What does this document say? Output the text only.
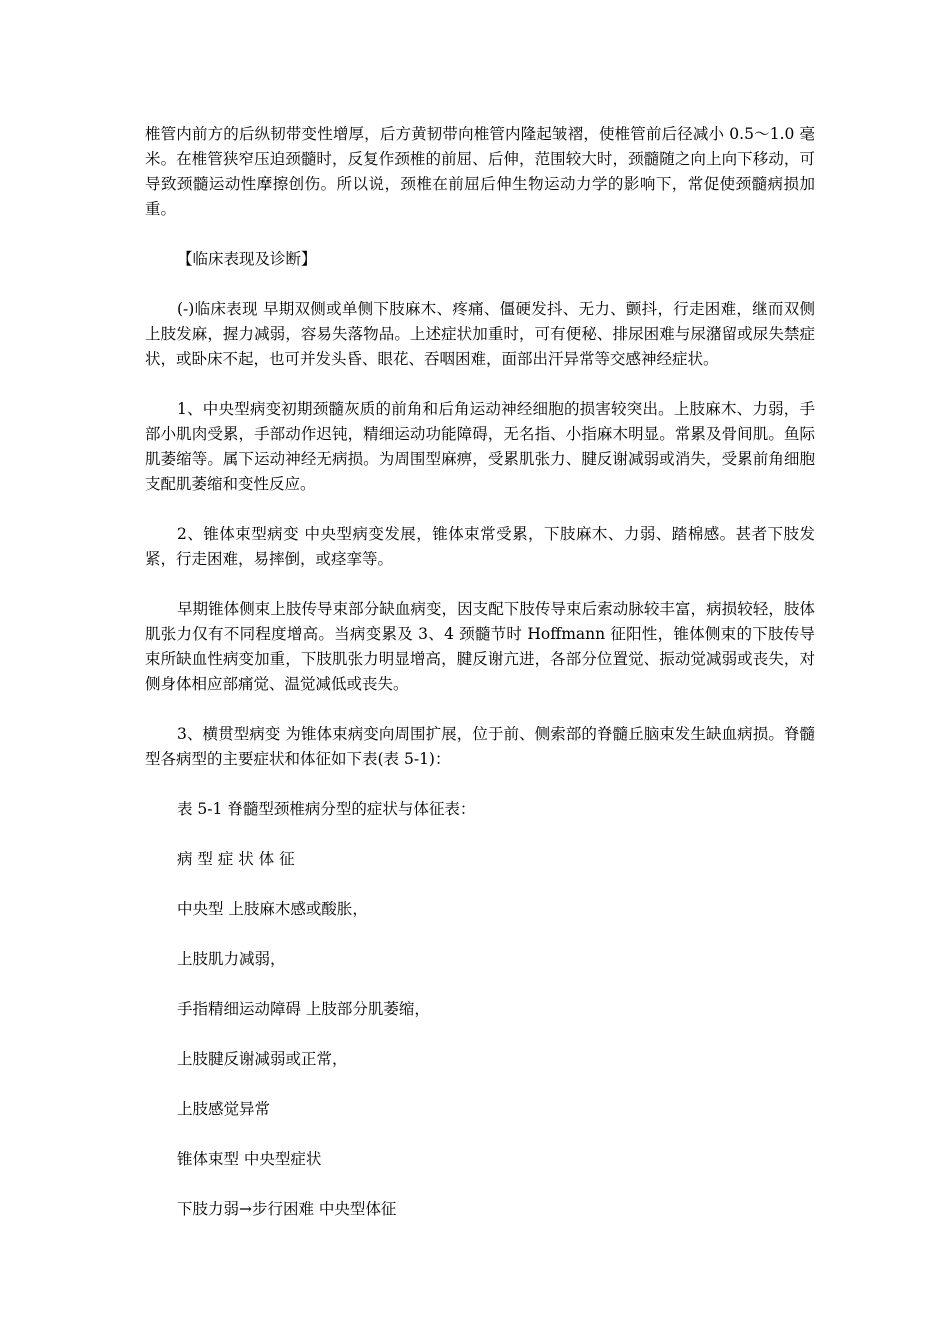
椎管内前方的后纵韧带变性增厚，后方黄韧带向椎管内隆起皱褶，使椎管前后径减小 0.5～1.0 毫米。在椎管狭窄压迫颈髓时，反复作颈椎的前屈、后伸，范围较大时，颈髓随之向上向下移动，可导致颈髓运动性摩擦创伤。所以说，颈椎在前屈后伸生物运动力学的影响下，常促使颈髓病损加重。

【临床表现及诊断】

(-)临床表现 早期双侧或单侧下肢麻木、疼痛、僵硬发抖、无力、颤抖，行走困难，继而双侧上肢发麻，握力减弱，容易失落物品。上述症状加重时，可有便秘、排尿困难与尿潴留或尿失禁症状，或卧床不起，也可并发头昏、眼花、吞咽困难，面部出汗异常等交感神经症状。

1、中央型病变初期颈髓灰质的前角和后角运动神经细胞的损害较突出。上肢麻木、力弱，手部小肌肉受累，手部动作迟钝，精细运动功能障碍，无名指、小指麻木明显。常累及骨间肌。鱼际肌萎缩等。属下运动神经无病损。为周围型麻痹，受累肌张力、腱反谢减弱或消失，受累前角细胞支配肌萎缩和变性反应。

2、锥体束型病变 中央型病变发展，锥体束常受累，下肢麻木、力弱、踏棉感。甚者下肢发紧，行走困难，易摔倒，或痉挛等。

早期锥体侧束上肢传导束部分缺血病变，因支配下肢传导束后索动脉较丰富，病损较轻，肢体肌张力仅有不同程度增高。当病变累及 3、4 颈髓节时 Hoffmann 征阳性，锥体侧束的下肢传导束所缺血性病变加重，下肢肌张力明显增高，腱反谢亢进，各部分位置觉、振动觉减弱或丧失，对侧身体相应部痛觉、温觉减低或丧失。

3、横贯型病变 为锥体束病变向周围扩展，位于前、侧索部的脊髓丘脑束发生缺血病损。脊髓型各病型的主要症状和体征如下表(表 5-1)：

表 5-1 脊髓型颈椎病分型的症状与体征表：

病 型 症 状 体 征

中央型 上肢麻木感或酸胀，

上肢肌力减弱，

手指精细运动障碍 上肢部分肌萎缩，

上肢腱反谢减弱或正常，

上肢感觉异常

锥体束型 中央型症状

下肢力弱→步行困难 中央型体征
